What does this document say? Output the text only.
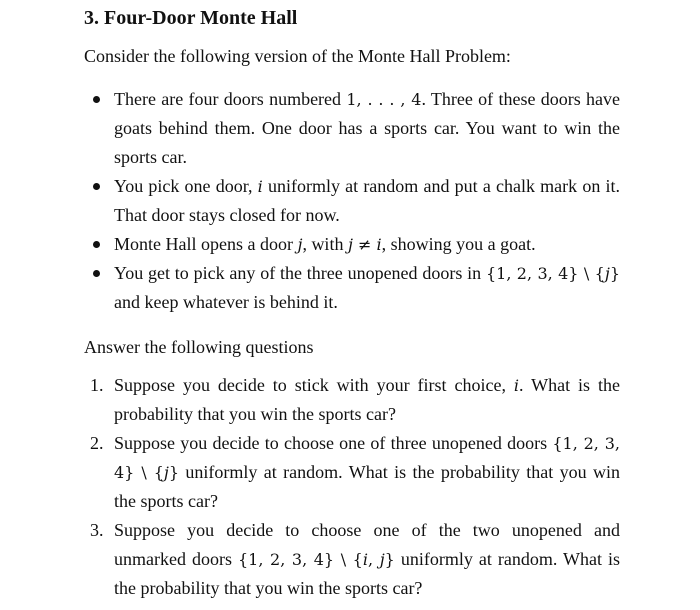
3. Four-Door Monte Hall
Consider the following version of the Monte Hall Problem:
There are four doors numbered 1, . . . , 4. Three of these doors have goats behind them. One door has a sports car. You want to win the sports car.
You pick one door, i uniformly at random and put a chalk mark on it. That door stays closed for now.
Monte Hall opens a door j, with j ≠ i, showing you a goat.
You get to pick any of the three unopened doors in {1, 2, 3, 4} \ {j} and keep whatever is behind it.
Answer the following questions
1. Suppose you decide to stick with your first choice, i. What is the probability that you win the sports car?
2. Suppose you decide to choose one of three unopened doors {1, 2, 3, 4} \ {j} uniformly at random. What is the probability that you win the sports car?
3. Suppose you decide to choose one of the two unopened and unmarked doors {1, 2, 3, 4} \ {i, j} uniformly at random. What is the probability that you win the sports car?
